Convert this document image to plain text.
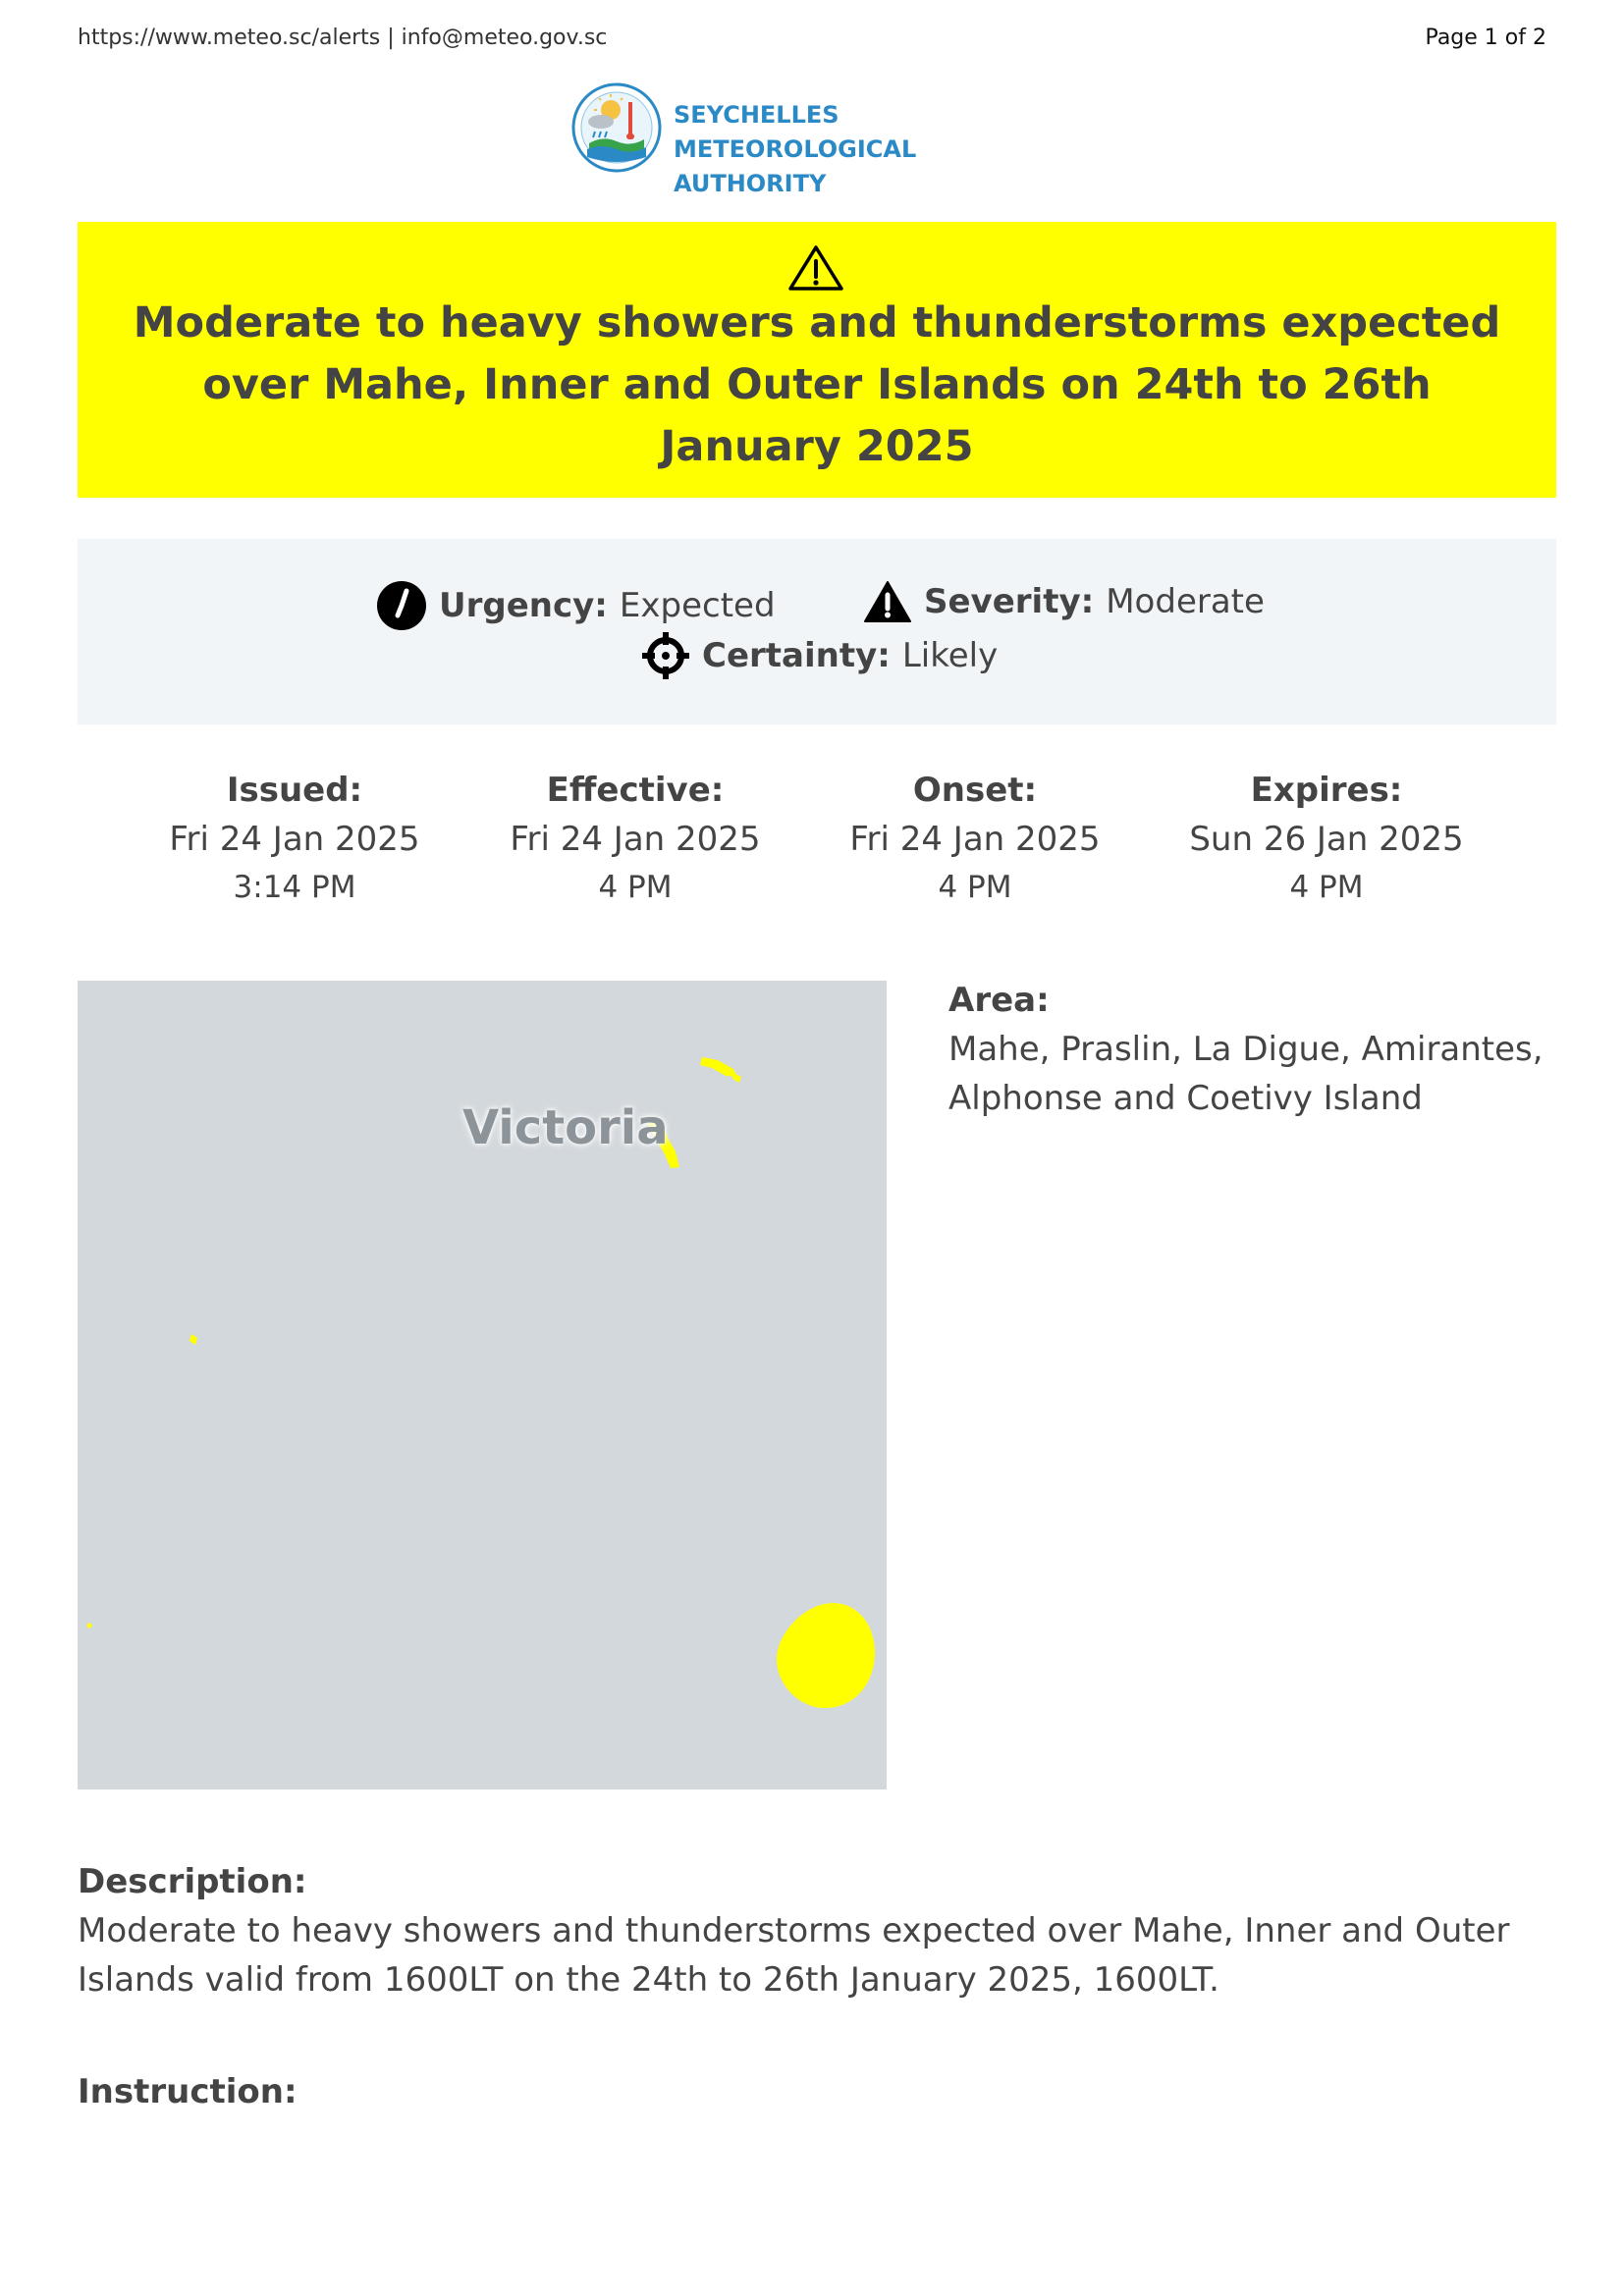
https://www.meteo.sc/alerts | info@meteo.gov.sc	Page 1 of 2
SEYCHELLES METEOROLOGICAL
AUTHORITY
Moderate to heavy showers and thunderstorms expected over Mahe, Inner and Outer Islands on 24th to 26th January 2025
Urgency: Expected	Severity: Moderate
Certainty: Likely
Issued:
Fri 24 Jan 2025
3:14 PM
Effective:
Fri 24 Jan 2025
4 PM
Onset:
Fri 24 Jan 2025
4 PM
Expires:
Sun 26 Jan 2025
4 PM
Victoria
Area:
Mahe, Praslin, La Digue, Amirantes, Alphonse and Coetivy Island
Description:
Moderate to heavy showers and thunderstorms expected over Mahe, Inner and Outer Islands valid from 1600LT on the 24th to 26th January 2025, 1600LT.
Instruction:
